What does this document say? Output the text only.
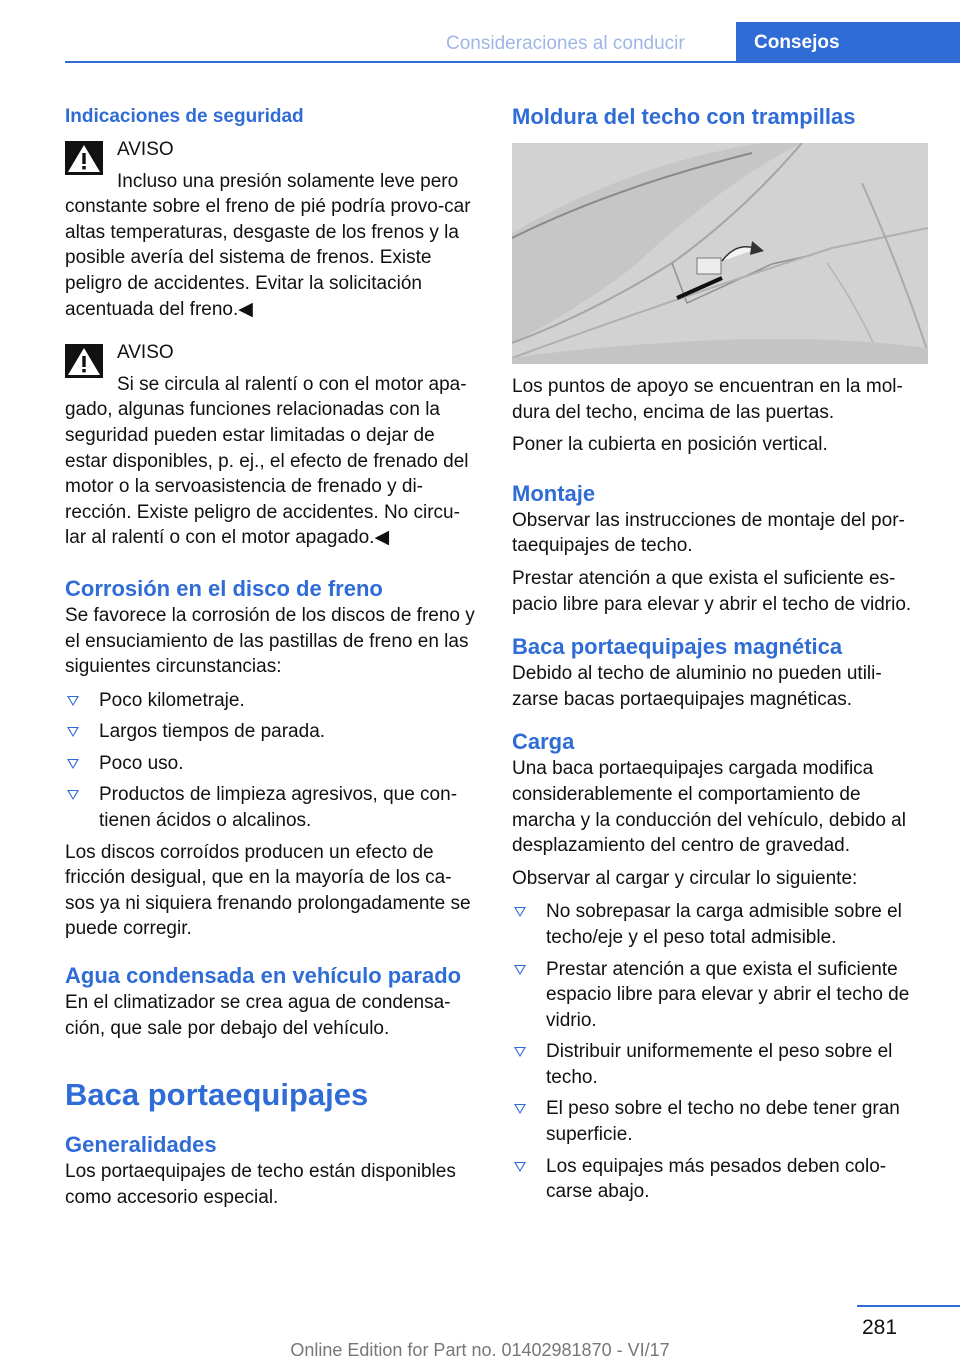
Consideraciones al conducir	Consejos

Indicaciones de seguridad

AVISO

Incluso una presión solamente leve pero

constante sobre el freno de pié podría provo-car altas temperaturas, desgaste de los frenos y la posible avería del sistema de frenos. Existe peligro de accidentes. Evitar la solicitación acentuada del freno.◀

AVISO

Si se circula al ralentí o con el motor apa-

gado, algunas funciones relacionadas con la seguridad pueden estar limitadas o dejar de estar disponibles, p. ej., el efecto de frenado del motor o la servoasistencia de frenado y di-rección. Existe peligro de accidentes. No circu-lar al ralentí o con el motor apagado.◀

Corrosión en el disco de freno

Se favorece la corrosión de los discos de freno y el ensuciamiento de las pastillas de freno en las siguientes circunstancias:

Poco kilometraje.
Largos tiempos de parada.
Poco uso.
Productos de limpieza agresivos, que con-tienen ácidos o alcalinos.

Los discos corroídos producen un efecto de fricción desigual, que en la mayoría de los ca-sos ya ni siquiera frenando prolongadamente se puede corregir.

Agua condensada en vehículo parado

En el climatizador se crea agua de condensa-ción, que sale por debajo del vehículo.

Baca portaequipajes

Generalidades

Los portaequipajes de techo están disponibles como accesorio especial.

Moldura del techo con trampillas

Los puntos de apoyo se encuentran en la mol-dura del techo, encima de las puertas.

Poner la cubierta en posición vertical.

Montaje

Observar las instrucciones de montaje del por-taequipajes de techo.

Prestar atención a que exista el suficiente es-pacio libre para elevar y abrir el techo de vidrio.

Baca portaequipajes magnética

Debido al techo de aluminio no pueden utili-zarse bacas portaequipajes magnéticas.

Carga

Una baca portaequipajes cargada modifica considerablemente el comportamiento de marcha y la conducción del vehículo, debido al desplazamiento del centro de gravedad.

Observar al cargar y circular lo siguiente:

No sobrepasar la carga admisible sobre el techo/eje y el peso total admisible.
Prestar atención a que exista el suficiente espacio libre para elevar y abrir el techo de vidrio.
Distribuir uniformemente el peso sobre el techo.
El peso sobre el techo no debe tener gran superficie.
Los equipajes más pesados deben colo-carse abajo.
281
Online Edition for Part no. 01402981870 - VI/17
